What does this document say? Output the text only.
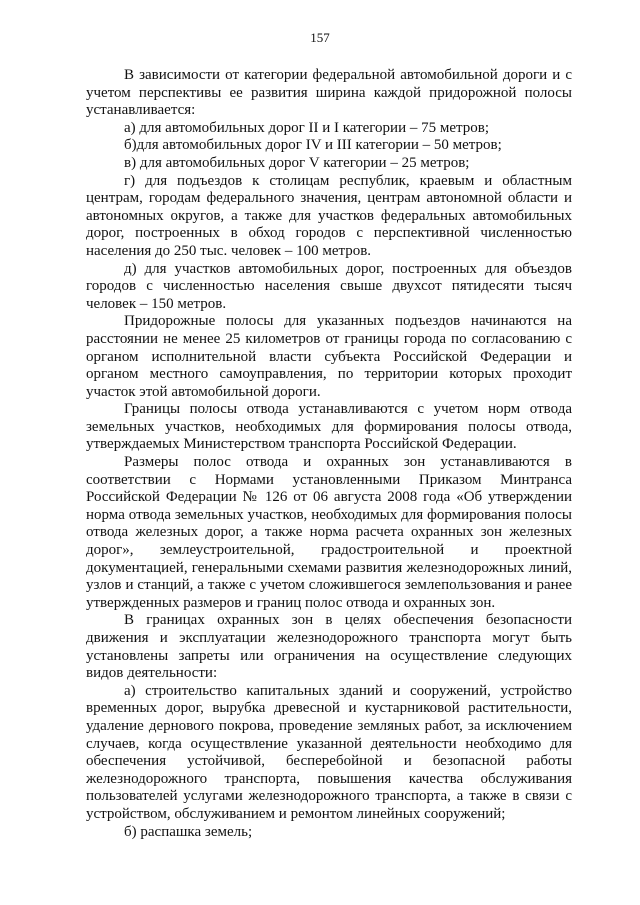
157

В зависимости от категории федеральной автомобильной дороги и с учетом перспективы ее развития ширина каждой придорожной полосы устанавливается:

а) для автомобильных дорог II и I категории – 75 метров;

б)для автомобильных дорог IV и III категории – 50 метров;

в) для автомобильных дорог V категории – 25 метров;

г) для подъездов к столицам республик, краевым и областным центрам, городам федерального значения, центрам автономной области и автономных округов, а также для участков федеральных автомобильных дорог, построенных в обход городов с перспективной численностью населения до 250 тыс. человек – 100 метров.

д) для участков автомобильных дорог, построенных для объездов городов с численностью населения свыше двухсот пятидесяти тысяч человек – 150 метров.

Придорожные полосы для указанных подъездов начинаются на расстоянии не менее 25 километров от границы города по согласованию с органом исполнительной власти субъекта Российской Федерации и органом местного самоуправления, по территории которых проходит участок этой автомобильной дороги.

Границы полосы отвода устанавливаются с учетом норм отвода земельных участков, необходимых для формирования полосы отвода, утверждаемых Министерством транспорта Российской Федерации.

Размеры полос отвода и охранных зон устанавливаются в соответствии с Нормами установленными Приказом Минтранса Российской Федерации № 126 от 06 августа 2008 года «Об утверждении норма отвода земельных участков, необходимых для формирования полосы отвода железных дорог, а также норма расчета охранных зон железных дорог», землеустроительной, градостроительной и проектной документацией, генеральными схемами развития железнодорожных линий, узлов и станций, а также с учетом сложившегося землепользования и ранее утвержденных размеров и границ полос отвода и охранных зон.

В границах охранных зон в целях обеспечения безопасности движения и эксплуатации железнодорожного транспорта могут быть установлены запреты или ограничения на осуществление следующих видов деятельности:

а) строительство капитальных зданий и сооружений, устройство временных дорог, вырубка древесной и кустарниковой растительности, удаление дернового покрова, проведение земляных работ, за исключением случаев, когда осуществление указанной деятельности необходимо для обеспечения устойчивой, бесперебойной и безопасной работы железнодорожного транспорта, повышения качества обслуживания пользователей услугами железнодорожного транспорта, а также в связи с устройством, обслуживанием и ремонтом линейных сооружений;

б) распашка земель;
